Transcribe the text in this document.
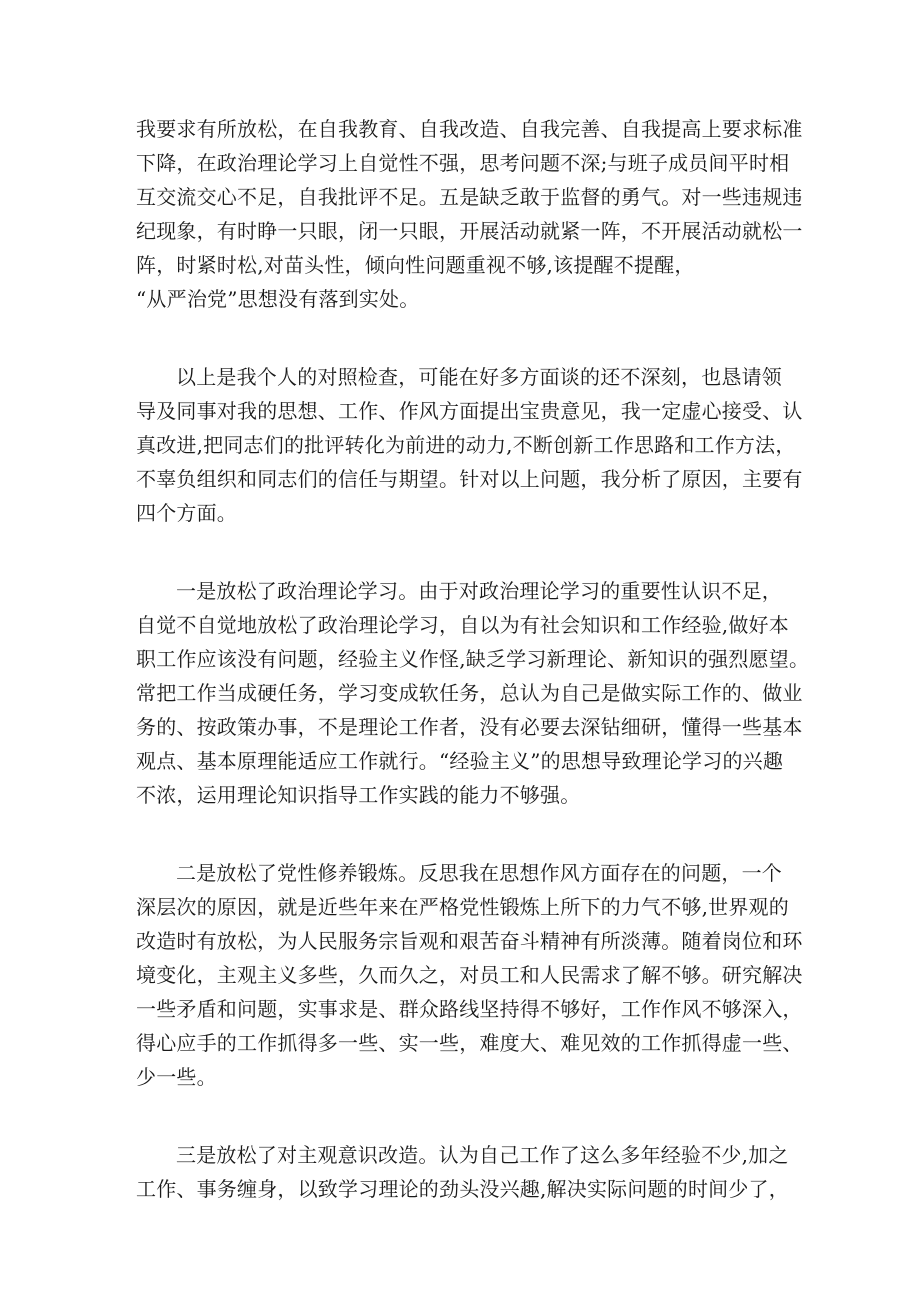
我要求有所放松，在自我教育、自我改造、自我完善、自我提高上要求标准
下降，在政治理论学习上自觉性不强，思考问题不深;与班子成员间平时相
互交流交心不足，自我批评不足。五是缺乏敢于监督的勇气。对一些违规违
纪现象，有时睁一只眼，闭一只眼，开展活动就紧一阵，不开展活动就松一
阵，时紧时松,对苗头性，倾向性问题重视不够,该提醒不提醒，
“从严治党”思想没有落到实处。
以上是我个人的对照检查，可能在好多方面谈的还不深刻，也恳请领
导及同事对我的思想、工作、作风方面提出宝贵意见，我一定虚心接受、认
真改进,把同志们的批评转化为前进的动力,不断创新工作思路和工作方法，
不辜负组织和同志们的信任与期望。针对以上问题，我分析了原因，主要有
四个方面。
一是放松了政治理论学习。由于对政治理论学习的重要性认识不足，
自觉不自觉地放松了政治理论学习，自以为有社会知识和工作经验,做好本
职工作应该没有问题，经验主义作怪,缺乏学习新理论、新知识的强烈愿望。
常把工作当成硬任务，学习变成软任务，总认为自己是做实际工作的、做业
务的、按政策办事，不是理论工作者，没有必要去深钻细研，懂得一些基本
观点、基本原理能适应工作就行。“经验主义”的思想导致理论学习的兴趣
不浓，运用理论知识指导工作实践的能力不够强。
二是放松了党性修养锻炼。反思我在思想作风方面存在的问题，一个
深层次的原因，就是近些年来在严格党性锻炼上所下的力气不够,世界观的
改造时有放松，为人民服务宗旨观和艰苦奋斗精神有所淡薄。随着岗位和环
境变化，主观主义多些，久而久之，对员工和人民需求了解不够。研究解决
一些矛盾和问题，实事求是、群众路线坚持得不够好，工作作风不够深入，
得心应手的工作抓得多一些、实一些，难度大、难见效的工作抓得虚一些、
少一些。
三是放松了对主观意识改造。认为自己工作了这么多年经验不少,加之
工作、事务缠身，以致学习理论的劲头没兴趣,解决实际问题的时间少了，
